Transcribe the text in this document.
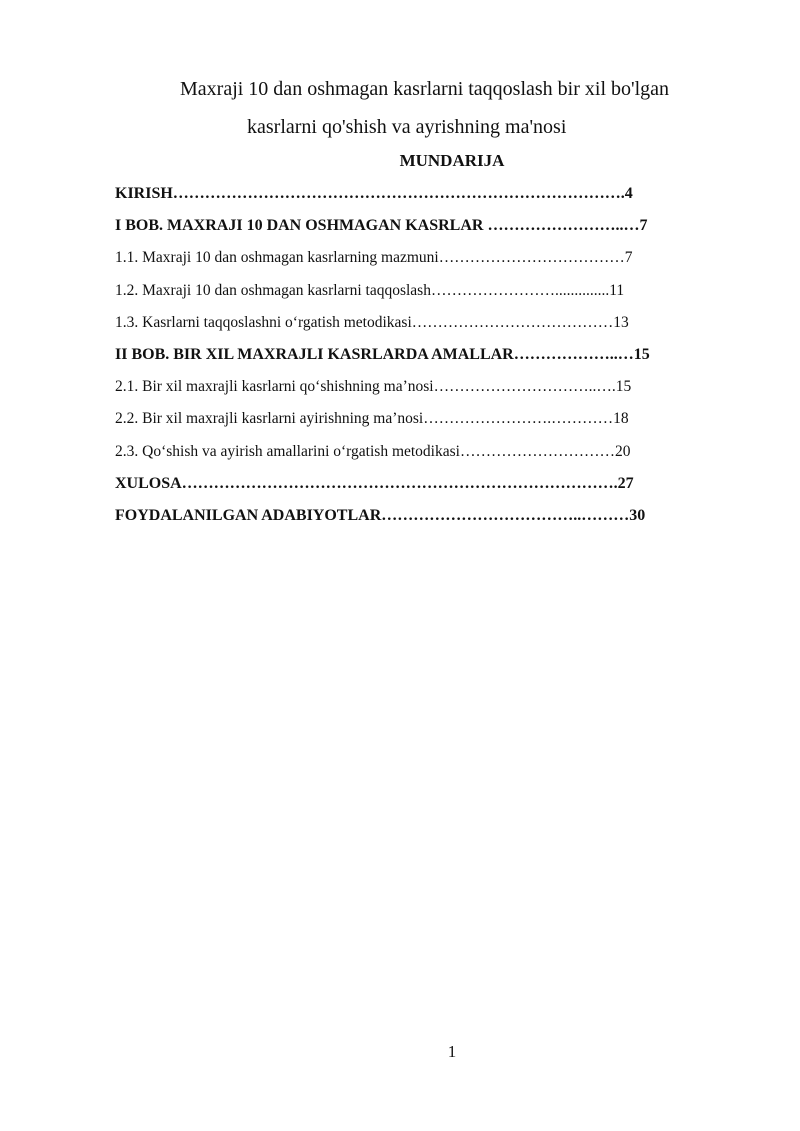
Maxraji 10 dan oshmagan kasrlarni taqqoslash bir xil bo'lgan
kasrlarni qo'shish va ayrishning ma'nosi
MUNDARIJA
KIRISH………………………………………………………………………….4
I BOB. MAXRAJI 10 DAN OSHMAGAN KASRLAR ……………………..…7
1.1. Maxraji 10 dan oshmagan kasrlarning mazmuni………………………………7
1.2. Maxraji 10 dan oshmagan kasrlarni taqqoslash……………………..............11
1.3. Kasrlarni taqqoslashni o‘rgatish metodikasi…………………………………13
II BOB. BIR XIL MAXRAJLI KASRLARDA AMALLAR………………..…15
2.1. Bir xil maxrajli kasrlarni qo‘shishning ma’nosi…………………………..….15
2.2. Bir xil maxrajli kasrlarni ayirishning ma’nosi…………………….…………18
2.3. Qo‘shish va ayirish amallarini o‘rgatish metodikasi…………………………20
XULOSA……………………………………………………………………….27
FOYDALANILGAN ADABIYOTLAR………………………………..………30
1
